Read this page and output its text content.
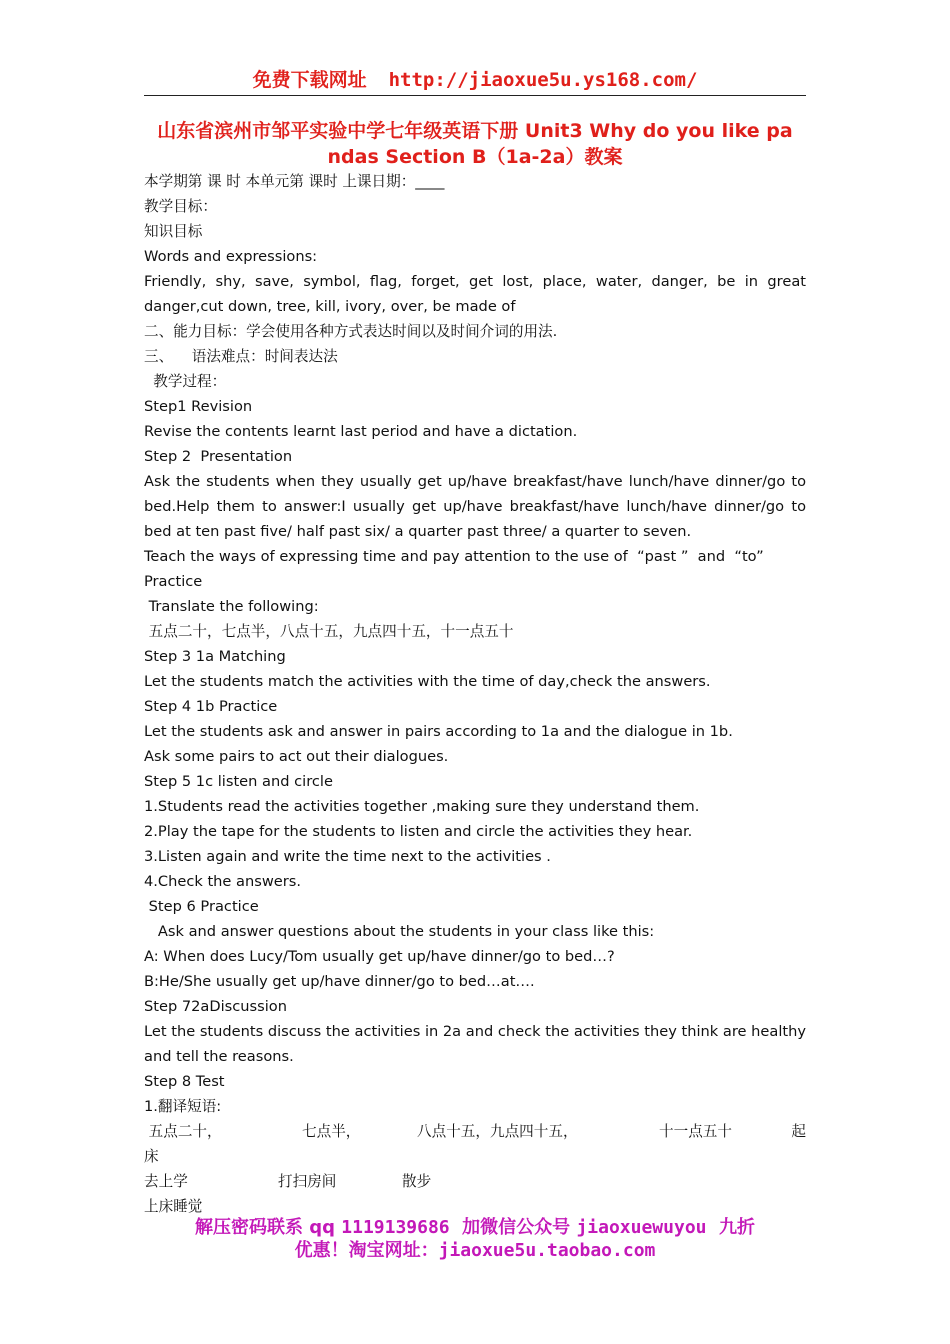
免费下载网址 http://jiaoxue5u.ys168.com/
山东省滨州市邹平实验中学七年级英语下册 Unit3 Why do you like pa
ndas Section B（1a-2a）教案

本学期第 课 时 本单元第 课时 上课日期：____

教学目标：

知识目标

Words and expressions:

Friendly, shy, save, symbol, flag, forget, get lost, place, water, danger, be in great danger,cut down, tree, kill, ivory, over, be made of

二、能力目标：学会使用各种方式表达时间以及时间介词的用法.

三、    语法难点：时间表达法

教学过程：

Step1 Revision

Revise the contents learnt last period and have a dictation.

Step 2  Presentation

Ask the students when they usually get up/have breakfast/have lunch/have dinner/go to bed.Help them to answer:I usually get up/have breakfast/have lunch/have dinner/go to bed at ten past five/ half past six/ a quarter past three/ a quarter to seven.

Teach the ways of expressing time and pay attention to the use of  “past ”  and  “to”

Practice

Translate the following:

五点二十，七点半，八点十五，九点四十五，十一点五十

Step 3 1a Matching

Let the students match the activities with the time of day,check the answers.

Step 4 1b Practice

Let the students ask and answer in pairs according to 1a and the dialogue in 1b.

Ask some pairs to act out their dialogues.

Step 5 1c listen and circle

1.Students read the activities together ,making sure they understand them.

2.Play the tape for the students to listen and circle the activities they hear.

3.Listen again and write the time next to the activities .

4.Check the answers.

Step 6 Practice

Ask and answer questions about the students in your class like this:

A: When does Lucy/Tom usually get up/have dinner/go to bed…?

B:He/She usually get up/have dinner/go to bed…at….

Step 72aDiscussion

Let the students discuss the activities in 2a and check the activities they think are healthy and tell the reasons.

Step 8 Test

1.翻译短语:

五点二十，	七点半，	八点十五，九点四十五，	十一点五十	起

床

去上学	打扫房间	散步

上床睡觉

解压密码联系 qq 1119139686  加微信公众号 jiaoxuewuyou  九折
优惠！淘宝网址：jiaoxue5u.taobao.com
